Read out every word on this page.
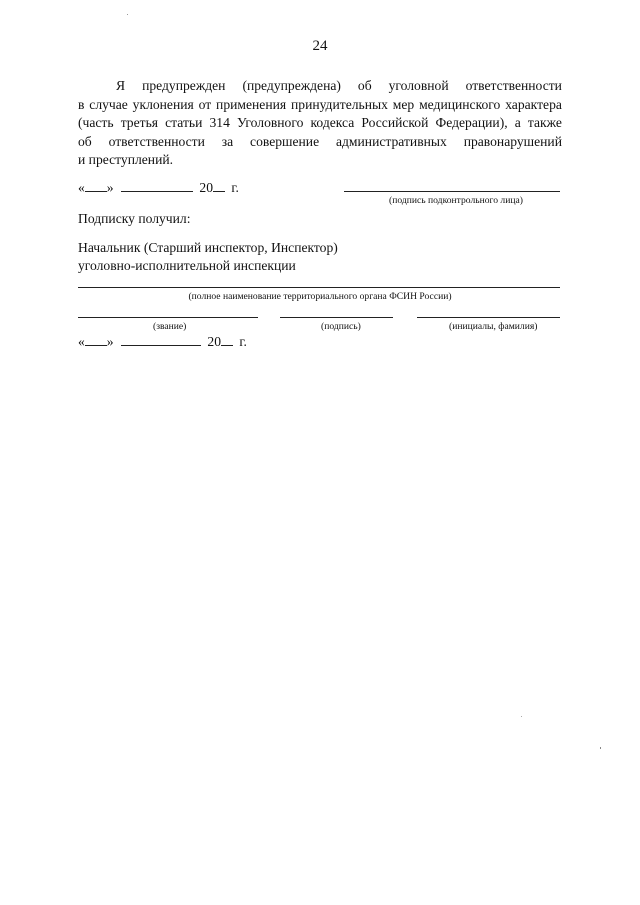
24
Я предупрежден (предупреждена) об уголовной ответственности
в случае уклонения от применения принудительных мер медицинского характера
(часть третья статьи 314 Уголовного кодекса Российской Федерации), а также
об ответственности за совершение административных правонарушений
и преступлений.
« »	20 г.
(подпись подконтрольного лица)
Подписку получил:
Начальник (Старший инспектор, Инспектор)
уголовно-исполнительной инспекции
(полное наименование территориального органа ФСИН России)
(звание)	(подпись)	(инициалы, фамилия)
« »	20 г.
